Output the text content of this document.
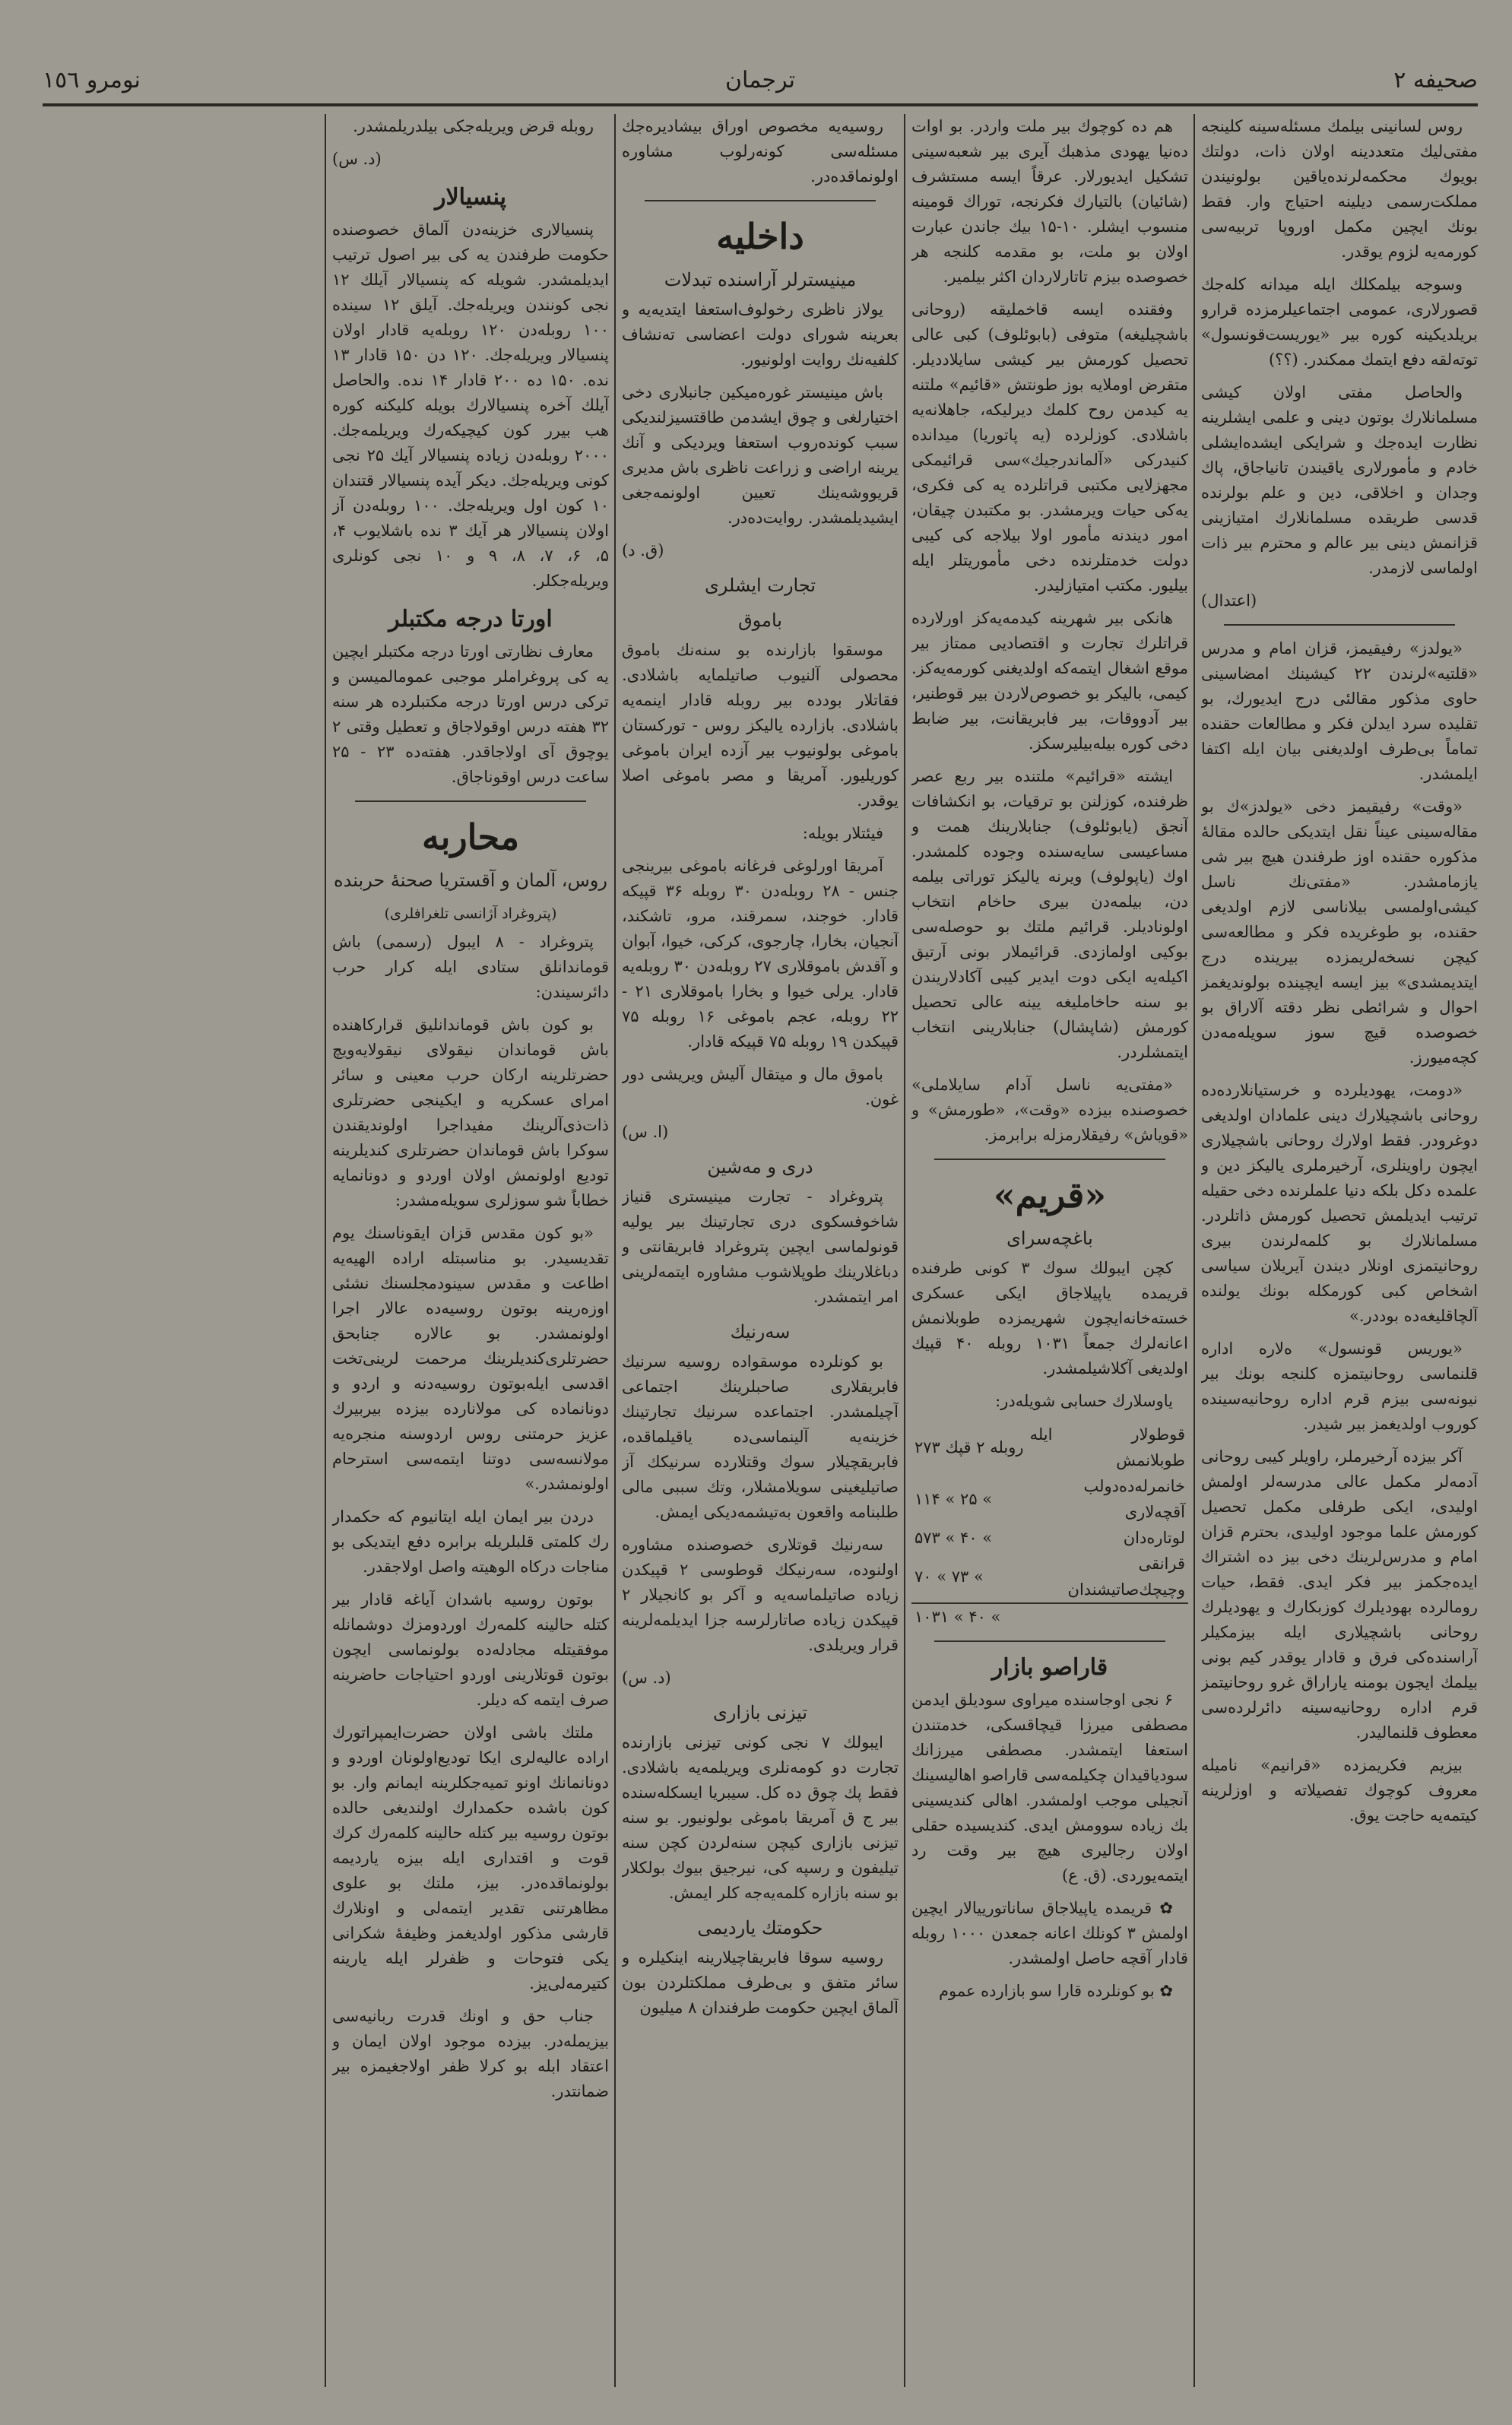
صحیفه ۲
ترجمان
نومرو ١٥٦

روس لسانینی بیلمك مسئله‌سینه کلینجه مفتی‌لیك متعددینه اولان ذات، دولتك بویوك محکمه‌لرنده‌یاقین بولونیندن مملکت‌رسمی دیلینه احتیاج وار. فقط بونك ایچین مکمل اوروپا تربیه‌سی کورمه‌یه لزوم یوقدر.

وسوجه بیلمکلك ایله میدانه کله‌جك قصورلاری، عمومی اجتماعیلرمزده قرارو بریلدیکینه کوره بیر «یوریست‌قونسول» توته‌لقه دفع ایتمك ممکندر. (؟؟)

والحاصل مفتی اولان کیشی مسلمانلارك بوتون دینی و علمی ایشلرینه نظارت ایده‌جك و شرایکی ایشده‌ایشلی خادم و مأمورلاری یاقیندن تانیاجاق، پاك وجدان و اخلاقی، دین و علم بولرنده قدسی طریقده مسلمانلارك امتیازینی قزانمش دینی بیر عالم و محترم بیر ذات اولماسی لازمدر.

(اعتدال)

«یولدز» رفیقیمز، قزان امام و مدرس «قلتیه»‌لرندن ۲۲ کیشینك امضاسینی حاوی مذکور مقالئی درج ایدیورك، بو تقلیده سرد ایدلن فکر و مطالعات حقنده تماماً بی‌طرف اولدیغنی بیان ایله اکتفا ایلمشدر.

«وقت» رفیقیمز دخی «یولدز»ك بو مقاله‌سینی عیناً نقل ایتدیکی حالده مقالهٔ مذکوره حقنده اوز طرفندن هیچ بیر شی یازمامشدر. «مفتی‌نك ناسل کیشی‌اولمسی بیلاناسی لازم اولدیغی حقنده، بو طوغریده فکر و مطالعه‌سی کیچن نسخه‌لریمزده بیرینده درج ایتدیمشدی» بیز ایسه ایچینده بولوندیغمز احوال و شرائطی نظر دقته آلاراق بو خصوصده قیچ سوز سویله‌مه‌دن کچه‌میورز.

«دومت، یهودیلرده و خرستیانلارده‌ده روحانی باشچیلارك دینی علمادان اولدیغی دوغرودر. فقط اولارك روحانی باشچیلاری ایچون راوینلری، آرخیرملری یالیکز دین و علمده دکل بلکه دنیا علملرنده دخی حقیله ترتیب ایدیلمش تحصیل کورمش ذاتلردر. مسلمانلارك بو کلمه‌لرندن بیری روحانیتمزی اونلار دیندن آیریلان سیاسی اشخاص کبی کورمکله بونك یولنده آلچاقلیغه‌ده بوددر.»

«یوریس قونسول» ه‌لاره اداره قلنماسی روحانیتمزه کلنجه بونك بیر نیونه‌سی بیزم قرم اداره روحانیه‌سینده کوروب اولدیغمز بیر شیدر.

آکر بیزده آرخیرملر، راویلر کیبی روحانی آدمه‌لر مکمل عالی مدرسه‌لر اولمش اولیدی، ایکی طرفلی مکمل تحصیل کورمش علما موجود اولیدی، بحترم قزان امام و مدرس‌لرینك دخی بیز ده اشتراك ایده‌جکمز بیر فکر ایدی. فقط، حیات رومالرده بهودیلرك کوزبکارك و یهودیلرك روحانی باشچیلاری ایله بیزمکیلر آراسنده‌كی فرق و قادار یوقدر کیم بونی بیلمك ایجون بومنه یاراراق غرو روحانیتمز قرم اداره روحانیه‌سینه دائرلرده‌سی معطوف قلنمالیدر.

بیزیم فکریمزده «قرانیم» نامیله معروف کوچوك تفصیلاته و اوزلرینه کیتمه‌یه حاجت یوق.

هم ده کوچوك بیر ملت واردر. بو اوات ده‌نیا یهودی مذهبك آیری بیر شعبه‌سینی تشکیل ایدیورلار. عرقاً ایسه مستشرف (شائیان) بالتیارك فکرنجه، توراك قومینه منسوب ایشلر. ۱۰-۱۵ بیك جاندن عبارت اولان بو ملت، بو مقدمه کلنجه هر خصوصده بیزم تاتارلاردان اکثر بیلمیر.

وفقنده ایسه قاخملیقه (روحانی باشچیلیغه) متوفی (بابوئلوف) کبی عالی تحصیل کورمش بیر کیشی سایلاددیلر. متقرض اوملایه بوز طونتش «قائیم» ملتنه یه کیدمن روح کلمك دیرلیکه، جاهلانه‌یه باشلادی. کوزلرده (یه پاتوریا) میدانده کنیدرکی «آلماندرجیك»‌سی قرائیمکی مجهزلایی مکتبی قراتلرده یه کی فکری، یه‌کی حیات ویرمشدر. بو مکتبدن چیقان، امور دیندنه مأمور اولا بیلاجه کی کیبی دولت خدمتلرنده دخی مأموریتلر ایله بیلیور. مکتب امتیازلیدر.

هانکی بیر شهرینه کیدمه‌یه‌کز اورلارده قراتلرك تجارت و اقتصادیی ممتاز بیر موقع اشغال ایتمه‌که اولدیغنی کورمه‌یه‌کز. کیمی، بالیکر بو خصوص‌لاردن بیر قوطنیر، بیر آدووقات، بیر فابریقانت، بیر ضابط دخی کوره بیله‌بیلیرسکز.

ایشته «قرائیم» ملتنده بیر ربع عصر ظرفنده، کوزلنن بو ترقیات، بو انکشافات آنجق (یابوئلوف) جنابلارینك همت و مساعیسی سایه‌سنده وجوده کلمشدر. اوك (یاپولوف) ویرنه یالیکز توراتی بیلمه دن، بیلمه‌دن بیری حاخام انتخاب اولونادیلر. قرائیم ملتك بو حوصله‌سی بوکیی اولمازدی. قرائیملار بونی آرتیق اکیله‌یه ایکی دوت ایدیر کیبی آکادلاریندن بو سنه حاخاملیغه یینه عالی تحصیل کورمش (شاپشال) جنابلارینی انتخاب ایتمشلردر.

«مفتی‌یه ناسل آدام سایلاملی» خصوصنده بیزده «وقت»، «طورمش» و «قویاش» رفیقلارمزله برابرمز.

«قریم»
باغچه‌سرای

کچن ایبولك سوك ۳ کونی طرفنده قریمده یاپیلاجاق ایکی عسکری خسته‌خانه‌ایچون شهریمزده طوبلانمش اعانه‌لرك جمعاً ۱۰۳۱ روبله ۴۰ قپیك اولدیغی آکلاشیلمشدر.

یاوسلارك حسابی شویله‌در:

قوطولار ایله طوبلانمش	۲۷۳ روبله ۲ قپك
خانمرله‌ده‌دولب آقچه‌لاری	۱۱۴ « ۲۵ «
لوتاره‌دان	۵۷۳ « ۴۰ «
قرانقی و‌چیچك‌صاتیشندان	۷۰ « ۷۳ «
	۱۰۳۱ « ۴۰ «
قاراصو بازار

۶ نجی اوجاسنده میراوی سودیلق ایدمن مصطفی میرزا قیچاقسکی، خدمتندن استعفا ایتمشدر. مصطفی میرزانك سودیاقیدان چکیلمه‌سی قاراصو اهالیسینك آنجیلی موجب اولمشدر. اهالی کندیسینی بك زیاده سوومش ایدی. کندیسیده حقلی اولان رجالیری هیچ بیر وقت رد ایتمه‌یوردی. (ق. ع)

✿ قریمده یاپیلاجاق سانا‌تورییالار ایچین اولمش ۳ کونلك اعانه جمعدن ۱۰۰۰ روبله قادار آقچه حاصل اولمشدر.

✿ بو کونلرده قارا سو بازارده عموم

روسیه‌یه مخصوص اوراق بیشادیره‌جك مسئله‌سی کونه‌رلوب مشاوره اولونماقده‌در.

داخلیه
مینیسترلر آراسنده تبدلات

یولاز ناظری رخولوف‌استعفا ایتدیه‌یه و بعرینه شورای دولت اعضاسی ته‌نشاف کلفیه‌نك روایت اولونیور.

باش مینیستر غوره‌میکین جانبلاری دخی اختیارلغی و چوق ایشدمن طاقتسیزلندیکی سبب کونده‌روب استعفا ویردیکی و آنك یرینه اراضی و زراعت ناظری باش مدیری قریووشه‌ینك تعیین اولونمه‌جغی ایشیدیلمشدر. روایت‌ده‌در.

(ق. د)
تجارت ایشلری
باموق

موسقوا بازارنده بو سنه‌نك باموق محصولی آلنیوب صاتیلمایه باشلادی. فقاتلار بودده بیر روبله قادار اینمه‌یه باشلادی. بازارده یالیکز روس - تورکستان باموغی بولونیوب بیر آزده ایران باموغی کوریلیور. آمریقا و مصر باموغی اصلا یوقدر.

فیئتلار بویله:

آمریقا اورلوغی فرغانه باموغی بیرینجی جنس - ۲۸ روبله‌دن ۳۰ روبله ۳۶ قپیکه قادار. خوجند، سمرقند، مرو، تاشکند، آنجیان، بخارا، چارجوی، کرکی، خیوا، آبوان و آقدش باموقلاری ۲۷ روبله‌دن ۳۰ روبله‌یه قادار. یرلی خیوا و بخارا باموقلاری ۲۱ - ۲۲ روبله، عجم باموغی ۱۶ روبله ۷۵ قپیکدن ۱۹ روبله ۷۵ قپیکه قادار.

باموق مال و میتقال آلیش ویریشی دور غون.

(ا. س)
دری و مه‌شین

پتروغراد - تجارت مینیستری قنیاز شاخوفسکوی دری تجارتینك بیر یولیه قونولماسی ایچین پتروغراد فابریقانتی و دباغلارینك طوپلاشوب مشاوره ایتمه‌لرینی امر ایتمشدر.

سه‌رنیك

بو کونلرده موسقواده روسیه سرنیك فابریقلاری صاحبلرینك اجتماعی آچیلمشدر. اجتماعده سرنیك تجارتینك خزینه‌یه آلینماسی‌ده یاقیلماقده، فابریقچیلار سوك وقتلارده سرنیکك آز صاتیلیغینی سویلامشلار، وتك سببی مالی طلبنامه واقعون به‌تیشمه‌دیکی ایمش.

سه‌رنیك قوتلاری خصوصنده مشاوره اولنوده، سه‌رنیکك قوطوسی ۲ قپیکدن زیاده صاتیلماسه‌یه و آکر بو کانجیلار ۲ قپیکدن زیاده صاتارلرسه جزا ایدیلمه‌لرینه قرار ویریلدی.

(د. س)
تیزنی بازاری

ایبولك ۷ نجی کونی تیزنی بازارنده تجارت دو کومه‌نلری ویریلمه‌یه باشلادی. فقط پك چوق ده کل. سیبریا ایسکله‌سنده بیر ج ق آمریقا باموغی بولونیور. بو سنه تیزنی بازاری کیچن سنه‌لردن کچن سنه تیلیفون و رسپه کی، نیرجیق بیوك بولکلار بو سنه بازاره کلمه‌یه‌جه کلر ایمش.

حکومتك یاردیمی

روسیه سوقا فابریقاچیلارینه اینکیلره و سائر متفق و بی‌طرف مملکتلردن بون آلماق ایچین حکومت طرفندان ۸ میلیون

روبله قرض ویریله‌جکی بیلدریلمشدر.

(د. س)
پنسیالار

پنسیالاری خزینه‌دن آلماق خصوصنده حکومت طرفندن یه کی بیر اصول ترتیب ایدیلمشدر. شویله که پنسیالار آیلك ۱۲ نجی کونندن ویریله‌جك. آیلق ۱۲ سینده ۱۰۰ روبله‌دن ۱۲۰ روبله‌یه قادار اولان پنسیالار ویریله‌جك. ۱۲۰ دن ۱۵۰ قادار ۱۳ نده. ۱۵۰ ده ۲۰۰ قادار ۱۴ نده. والحاصل آیلك آخره پنسیالارك بویله کلیکنه کوره هب بیرر کون کیچیکه‌رك ویریلمه‌جك. ۲۰۰۰ روبله‌دن زیاده پنسیالار آیك ۲۵ نجی کونی ویریله‌جك. دیکر آیده پنسیالار قتندان ۱۰ کون اول ویریله‌جك. ۱۰۰ روبله‌دن آز اولان پنسیالار هر آیك ۳ نده باشلایوب ۴، ۵، ۶، ۷، ۸، ۹ و ۱۰ نجی کونلری ویریله‌جکلر.

اورتا درجه مکتبلر

معارف نظارتی اورتا درجه مکتبلر ایچین یه کی پروغراملر موجبی عمومالمیسن و ترکی درس اورتا درجه مکتبلرده هر سنه ۳۲ هفته درس اوقولاجاق و تعطیل وقتی ۲ یوچوق آی اولاجاقدر. هفته‌ده ۲۳ - ۲۵ ساعت درس اوقوناجاق.

محاربه
روس، آلمان و آقستریا صحنهٔ حربنده
(پتروغراد آژانسی تلغرافلری)

پتروغراد - ۸ ایبول (رسمی) باش قوماندانلق ستادی ایله کرار حرب دائرسیندن:

بو کون باش قوماندانلیق قرارکاهنده باش قوماندان نیقولای نیقولایه‌ویچ حضرتلرینه ارکان حرب معینی و سائر امرای عسکریه و ایکینجی حضرتلری ذات‌ذی‌آلرینك مفید‌اجرا اولوندیقندن سوکرا باش قوماندان حضرتلری کندیلرینه تودیع اولونمش اولان اوردو و دونانمایه خطاباً شو سوزلری سویله‌مشدر:

«بو کون مقدس قزان ایقوناسنك یوم تقدیسیدر. بو مناسبتله اراده الهیه‌یه اطاعت و مقدس سینود‌مجلسنك نشئی اوزه‌رینه بوتون روسیه‌ده عالار اجرا اولونمشدر. بو عالاره جنابحق حضرتلری‌کندیلرینك مرحمت لرینی‌تخت اقدسی ایله‌بوتون روسیه‌دنه و اردو و دونانماده کی مولانارده بیزده بیر‌بیرك عزیز حرمتنی روس اردوسنه منجره‌یه مولانسه‌سی دوتنا ایتمه‌سی استرحام اولونمشدر.»

دردن بیر ایمان ایله ایتانیوم که حکمدار رك کلمتی قلبلریله برابره دفع ایتدیکی بو مناجات درکاه الوهیته واصل اولاجقدر.

بوتون روسیه باشدان آیاغه قادار بیر کتله حالینه کلمه‌رك اوردومزك دوشمانله موفقیتله مجادله‌ده بولونماسی ایچون بوتون قوتلارینی اوردو احتیاجات حاضرینه صرف ایتمه که دیلر.

ملتك باشی اولان حضرت‌ایمپراتورك اراده عالیه‌لری ایکا تودیع‌اولونان اوردو و دونانمانك اونو تمیه‌جکلرینه ایمانم وار. بو کون باشده حکمدارك اولندیغی حالده بوتون روسیه بیر کتله حالینه کلمه‌رك کرك قوت و اقتداری ایله بیزه یاردیمه بولونماقده‌در. بیز، ملتك بو علوی مظاهرتنی تقدیر ایتمه‌لی و اونلارك قارشی مذکور اولدیغمز وظیفهٔ شکرانی یکی فتوحات و ظفرلر ایله یارینه کتیرمه‌لی‌یز.

جناب حق و اونك قدرت ربانیه‌سی بیزیمله‌در. بیزده موجود اولان ایمان و اعتقاد ابله بو کرلا ظفر اولاجغیمزه بیر ضمانتدر.
